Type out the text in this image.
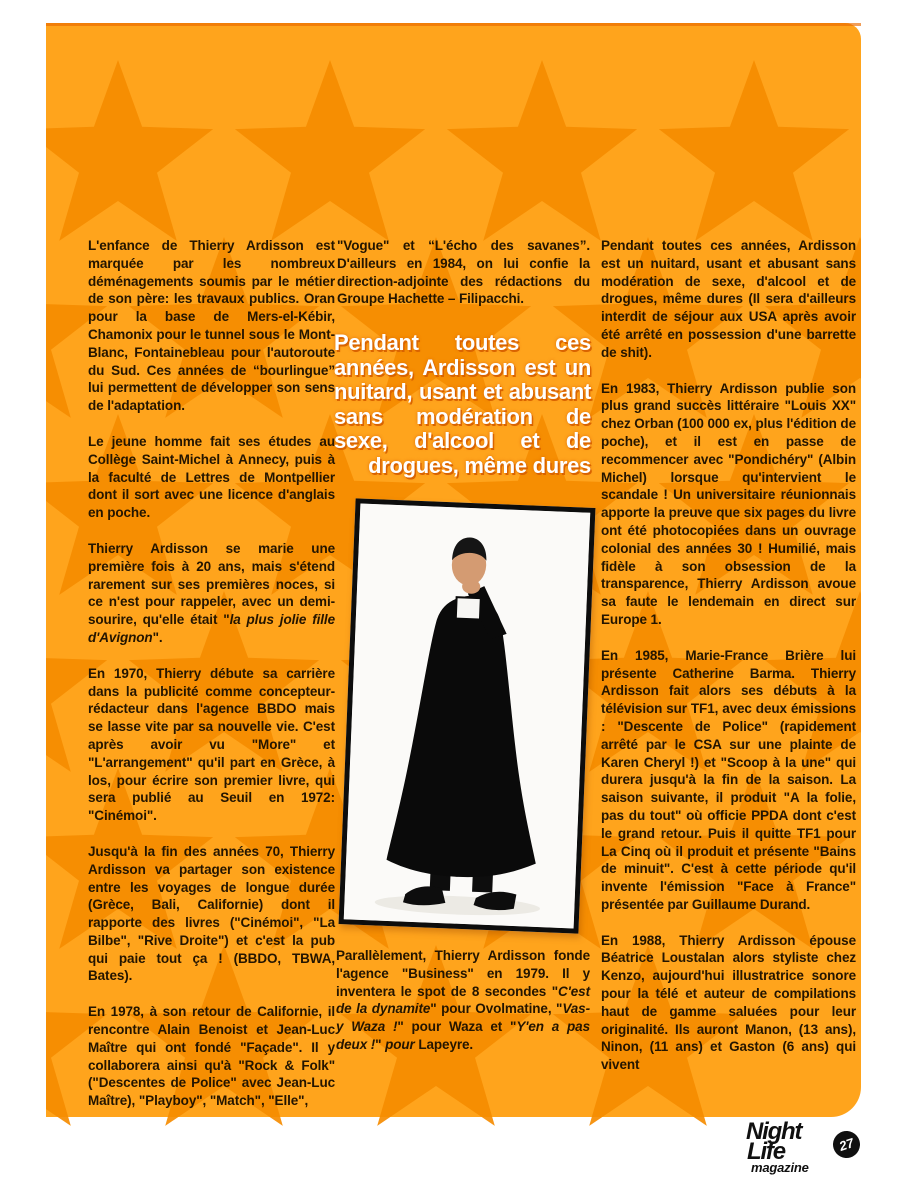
L'enfance de Thierry Ardisson est marquée par les nombreux déménagements soumis par le métier de son père: les travaux publics. Oran pour la base de Mers-el-Kébir, Chamonix pour le tunnel sous le Mont-Blanc, Fontainebleau pour l'autoroute du Sud. Ces années de “bourlingue” lui permettent de développer son sens de l'adaptation.

Le jeune homme fait ses études au Collège Saint-Michel à Annecy, puis à la faculté de Lettres de Montpellier dont il sort avec une licence d'anglais en poche.

Thierry Ardisson se marie une première fois à 20 ans, mais s'étend rarement sur ses premières noces, si ce n'est pour rappeler, avec un demi-sourire, qu'elle était "la plus jolie fille d'Avignon".

En 1970, Thierry débute sa carrière dans la publicité comme concepteur-rédacteur dans l'agence BBDO mais se lasse vite par sa nouvelle vie. C'est après avoir vu "More" et "L'arrangement" qu'il part en Grèce, à los, pour écrire son premier livre, qui sera publié au Seuil en 1972: "Cinémoi".

Jusqu'à la fin des années 70, Thierry Ardisson va partager son existence entre les voyages de longue durée (Grèce, Bali, Californie) dont il rapporte des livres ("Cinémoi", "La Bilbe", "Rive Droite") et c'est la pub qui paie tout ça ! (BBDO, TBWA, Bates).

En 1978, à son retour de Californie, il rencontre Alain Benoist et Jean-Luc Maître qui ont fondé "Façade". Il y collaborera ainsi qu'à "Rock & Folk" ("Descentes de Police" avec Jean-Luc Maître), "Playboy", "Match", "Elle",

"Vogue" et “L'écho des savanes”. D'ailleurs en 1984, on lui confie la direction-adjointe des rédactions du Groupe Hachette – Filipacchi.

Pendant toutes ces années, Ardisson est un nuitard, usant et abusant sans modération de sexe, d'alcool et de drogues, même dures

Parallèlement, Thierry Ardisson fonde l'agence "Business" en 1979. Il y inventera le spot de 8 secondes "C'est de la dynamite" pour Ovolmatine, "Vas-y Waza !" pour Waza et "Y'en a pas deux !" pour Lapeyre.

Pendant toutes ces années, Ardisson est un nuitard, usant et abusant sans modération de sexe, d'alcool et de drogues, même dures (Il sera d'ailleurs interdit de séjour aux USA après avoir été arrêté en possession d'une barrette de shit).

En 1983, Thierry Ardisson publie son plus grand succès littéraire "Louis XX" chez Orban (100 000 ex, plus l'édition de poche), et il est en passe de recommencer avec "Pondichéry" (Albin Michel) lorsque qu'intervient le scandale ! Un universitaire réunionnais apporte la preuve que six pages du livre ont été photocopiées dans un ouvrage colonial des années 30 ! Humilié, mais fidèle à son obsession de la transparence, Thierry Ardisson avoue sa faute le lendemain en direct sur Europe 1.

En 1985, Marie-France Brière lui présente Catherine Barma. Thierry Ardisson fait alors ses débuts à la télévision sur TF1, avec deux émissions : "Descente de Police" (rapidement arrêté par le CSA sur une plainte de Karen Cheryl !) et "Scoop à la une" qui durera jusqu'à la fin de la saison. La saison suivante, il produit "A la folie, pas du tout" où officie PPDA dont c'est le grand retour. Puis il quitte TF1 pour La Cinq où il produit et présente "Bains de minuit". C'est à cette période qu'il invente l'émission "Face à France" présentée par Guillaume Durand.

En 1988, Thierry Ardisson épouse Béatrice Loustalan alors styliste chez Kenzo, aujourd'hui illustratrice sonore pour la télé et auteur de compilations haut de gamme saluées pour leur originalité. Ils auront Manon, (13 ans), Ninon, (11 ans) et Gaston (6 ans) qui vivent

Night
Life
magazine
27
